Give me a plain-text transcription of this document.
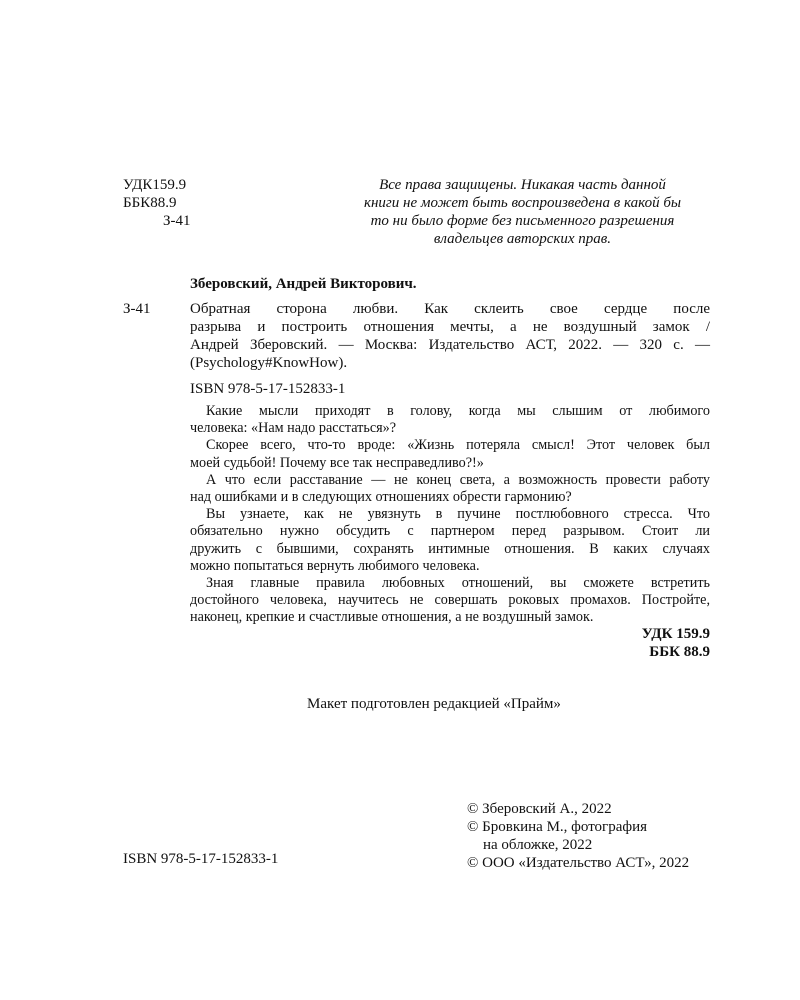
УДК159.9
ББК88.9
З-41
Все права защищены. Никакая часть данной
книги не может быть воспроизведена в какой бы
то ни было форме без письменного разрешения
владельцев авторских прав.
Зберовский, Андрей Викторович.
З-41	Обратная сторона любви. Как склеить свое сердце после
разрыва и построить отношения мечты, а не воздушный замок /
Андрей Зберовский. — Москва: Издательство АСТ, 2022. — 320 с. —
(Psychology#KnowHow).
ISBN 978-5-17-152833-1
Какие мысли приходят в голову, когда мы слышим от любимого
человека: «Нам надо расстаться»?
Скорее всего, что-то вроде: «Жизнь потеряла смысл! Этот человек был
моей судьбой! Почему все так несправедливо?!»
А что если расставание — не конец света, а возможность провести работу
над ошибками и в следующих отношениях обрести гармонию?
Вы узнаете, как не увязнуть в пучине постлюбовного стресса. Что
обязательно нужно обсудить с партнером перед разрывом. Стоит ли
дружить с бывшими, сохранять интимные отношения. В каких случаях
можно попытаться вернуть любимого человека.
Зная главные правила любовных отношений, вы сможете встретить
достойного человека, научитесь не совершать роковых промахов. Постройте,
наконец, крепкие и счастливые отношения, а не воздушный замок.
УДК 159.9
ББК 88.9
Макет подготовлен редакцией «Прайм»
© Зберовский А., 2022
© Бровкина М., фотография
на обложке, 2022
© ООО «Издательство АСТ», 2022
ISBN 978-5-17-152833-1
